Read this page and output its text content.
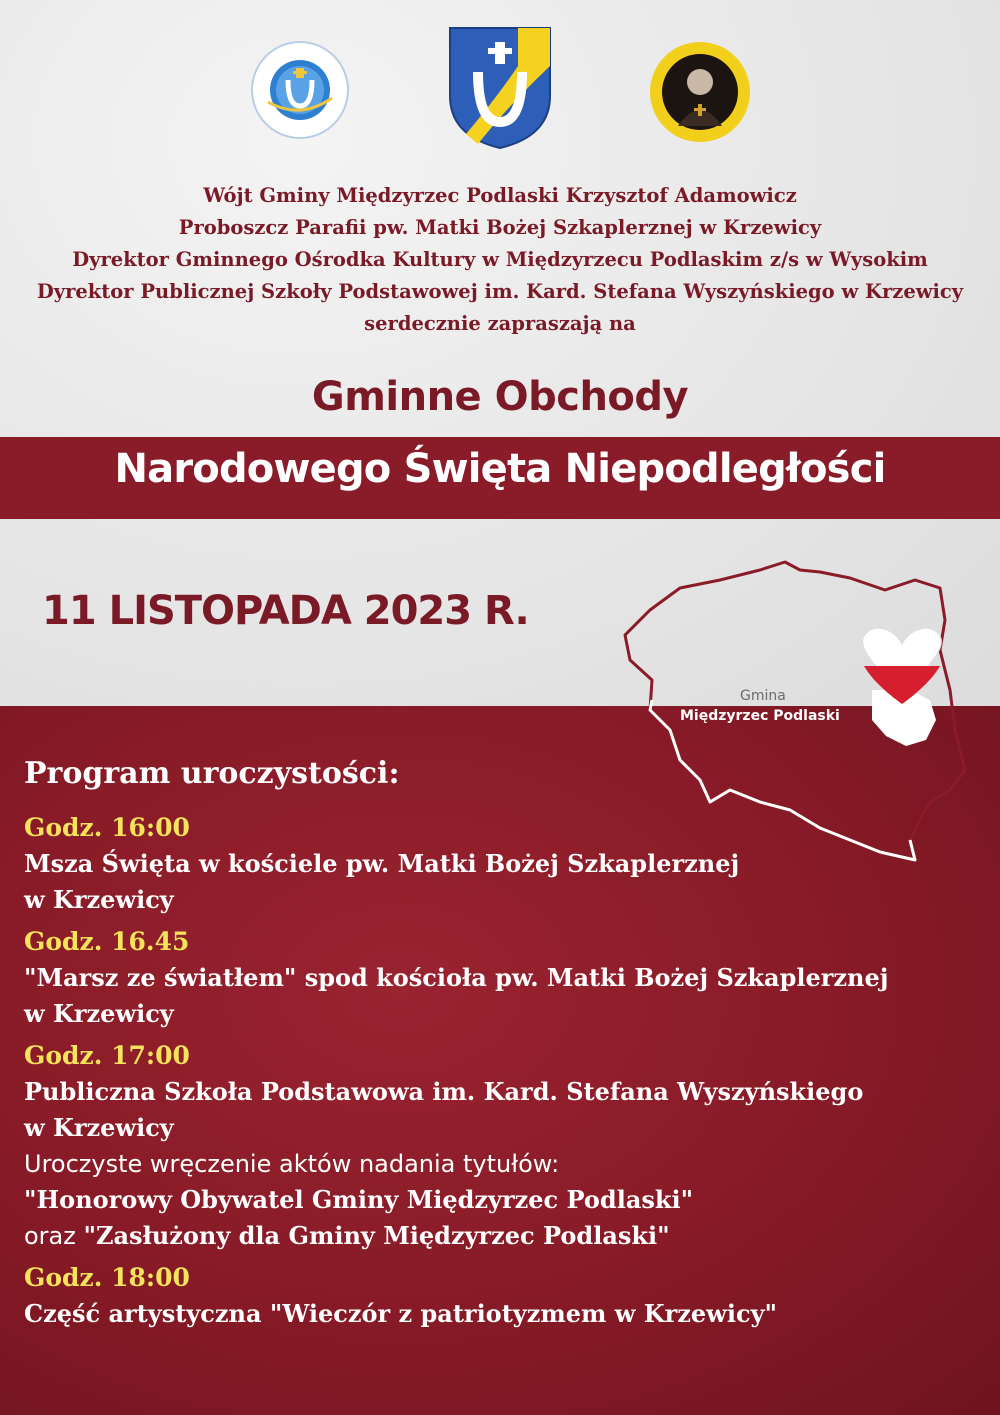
Wójt Gminy Międzyrzec Podlaski Krzysztof Adamowicz
Proboszcz Parafii pw. Matki Bożej Szkaplerznej w Krzewicy
Dyrektor Gminnego Ośrodka Kultury w Międzyrzecu Podlaskim z/s w Wysokim
Dyrektor Publicznej Szkoły Podstawowej im. Kard. Stefana Wyszyńskiego w Krzewicy
serdecznie zapraszają na
Gminne Obchody
Narodowego Święta Niepodległości
11 LISTOPADA 2023 R.
Gmina
Międzyrzec Podlaski
Program uroczystości:
Godz. 16:00
Msza Święta w kościele pw. Matki Bożej Szkaplerznej
w Krzewicy
Godz. 16.45
"Marsz ze światłem" spod kościoła pw. Matki Bożej Szkaplerznej
w Krzewicy
Godz. 17:00
Publiczna Szkoła Podstawowa im. Kard. Stefana Wyszyńskiego
w Krzewicy
Uroczyste wręczenie aktów nadania tytułów:
"Honorowy Obywatel Gminy Międzyrzec Podlaski"
oraz "Zasłużony dla Gminy Międzyrzec Podlaski"
Godz. 18:00
Część artystyczna "Wieczór z patriotyzmem w Krzewicy"
